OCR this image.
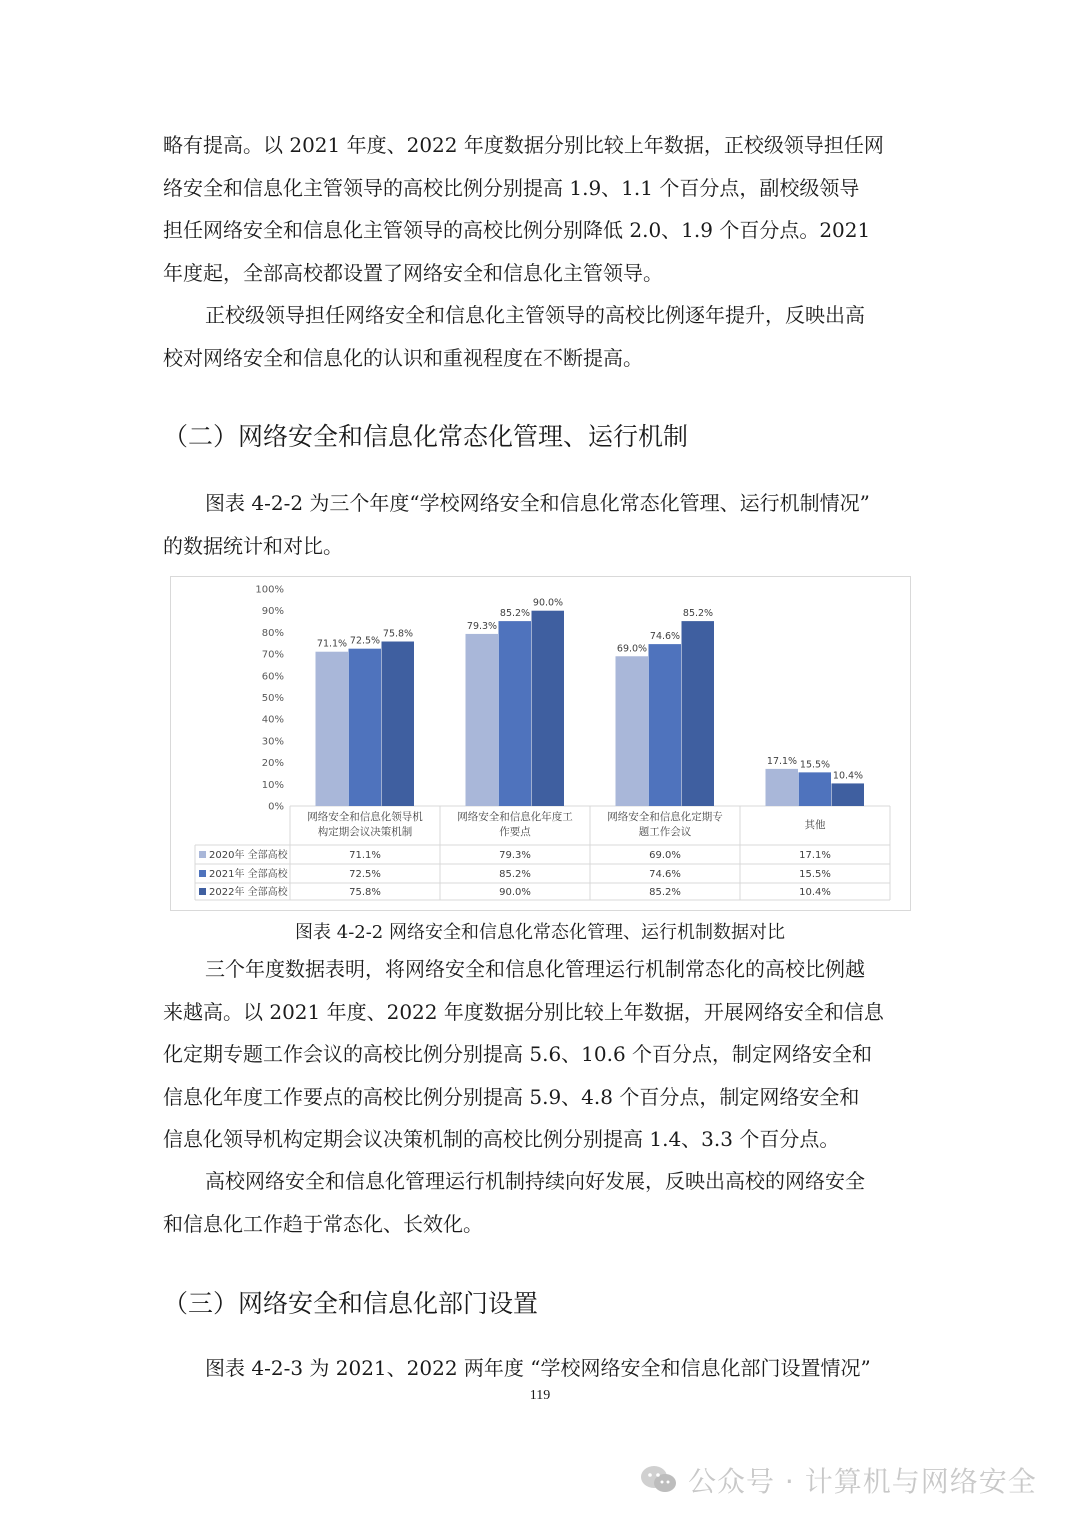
略有提高。以 2021 年度、2022 年度数据分别比较上年数据，正校级领导担任网
络安全和信息化主管领导的高校比例分别提高 1.9、1.1 个百分点，副校级领导
担任网络安全和信息化主管领导的高校比例分别降低 2.0、1.9 个百分点。2021
年度起，全部高校都设置了网络安全和信息化主管领导。
正校级领导担任网络安全和信息化主管领导的高校比例逐年提升，反映出高
校对网络安全和信息化的认识和重视程度在不断提高。
（二）网络安全和信息化常态化管理、运行机制
图表 4-2-2 为三个年度“学校网络安全和信息化常态化管理、运行机制情况”
的数据统计和对比。
0%
10%
20%
30%
40%
50%
60%
70%
80%
90%
100%
网络安全和信息化领导机
构定期会议决策机制
网络安全和信息化年度工
作要点
网络安全和信息化定期专
题工作会议
其他
71.1%
71.1%
79.3%
79.3%
69.0%
69.0%
17.1%
17.1%
2020年 全部高校
72.5%
72.5%
85.2%
85.2%
74.6%
74.6%
15.5%
15.5%
2021年 全部高校
75.8%
75.8%
90.0%
90.0%
85.2%
85.2%
10.4%
10.4%
2022年 全部高校
图表 4-2-2 网络安全和信息化常态化管理、运行机制数据对比
三个年度数据表明，将网络安全和信息化管理运行机制常态化的高校比例越
来越高。以 2021 年度、2022 年度数据分别比较上年数据，开展网络安全和信息
化定期专题工作会议的高校比例分别提高 5.6、10.6 个百分点，制定网络安全和
信息化年度工作要点的高校比例分别提高 5.9、4.8 个百分点，制定网络安全和
信息化领导机构定期会议决策机制的高校比例分别提高 1.4、3.3 个百分点。
高校网络安全和信息化管理运行机制持续向好发展，反映出高校的网络安全
和信息化工作趋于常态化、长效化。
（三）网络安全和信息化部门设置
图表 4-2-3 为 2021、2022 两年度 “学校网络安全和信息化部门设置情况”
119
公众号 · 计算机与网络安全
